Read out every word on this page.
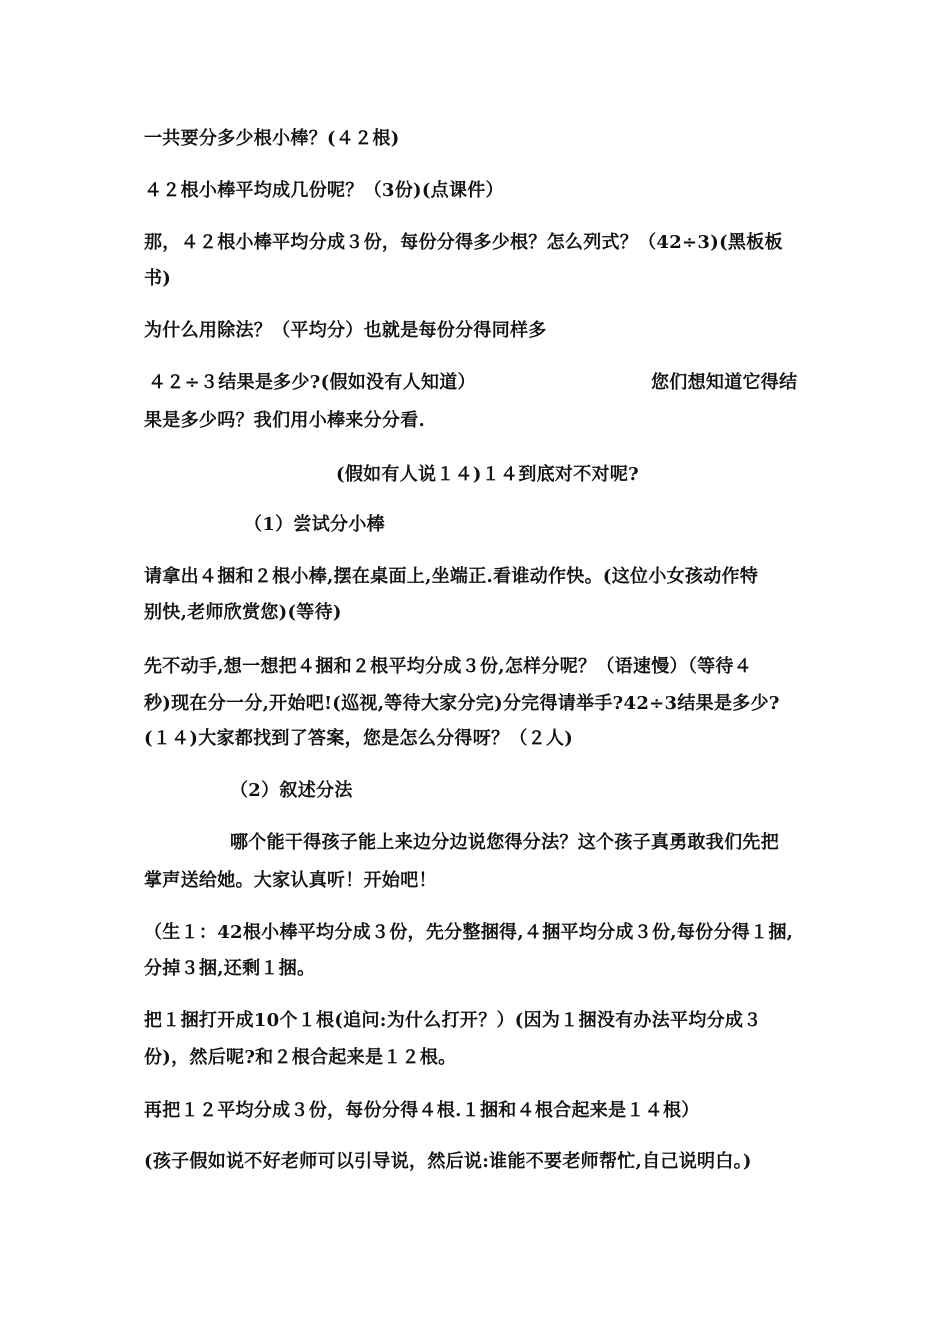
一共要分多少根小棒？(４２根)
４２根小棒平均成几份呢？（3份)(点课件）
那，４２根小棒平均分成３份，每份分得多少根？怎么列式？（42÷3)(黑板板
书)
为什么用除法？（平均分）也就是每份分得同样多
４２÷３结果是多少?(假如没有人知道）	您们想知道它得结
果是多少吗？我们用小棒来分分看.
(假如有人说１４)１４到底对不对呢?
（1）尝试分小棒
请拿出４捆和２根小棒,摆在桌面上,坐端正.看谁动作快。(这位小女孩动作特
别快,老师欣赏您)(等待)
先不动手,想一想把４捆和２根平均分成３份,怎样分呢？（语速慢）（等待４
秒)现在分一分,开始吧!(巡视,等待大家分完)分完得请举手?42÷3结果是多少?
(１４)大家都找到了答案，您是怎么分得呀？（２人)
（2）叙述分法
哪个能干得孩子能上来边分边说您得分法？这个孩子真勇敢我们先把
掌声送给她。大家认真听！开始吧！
（生１：42根小棒平均分成３份，先分整捆得,４捆平均分成３份,每份分得１捆,
分掉３捆,还剩１捆。
把１捆打开成10个１根(追问:为什么打开？）(因为１捆没有办法平均分成３
份)，然后呢?和２根合起来是１２根。
再把１２平均分成３份，每份分得４根.１捆和４根合起来是１４根）
(孩子假如说不好老师可以引导说，然后说:谁能不要老师帮忙,自己说明白。)
